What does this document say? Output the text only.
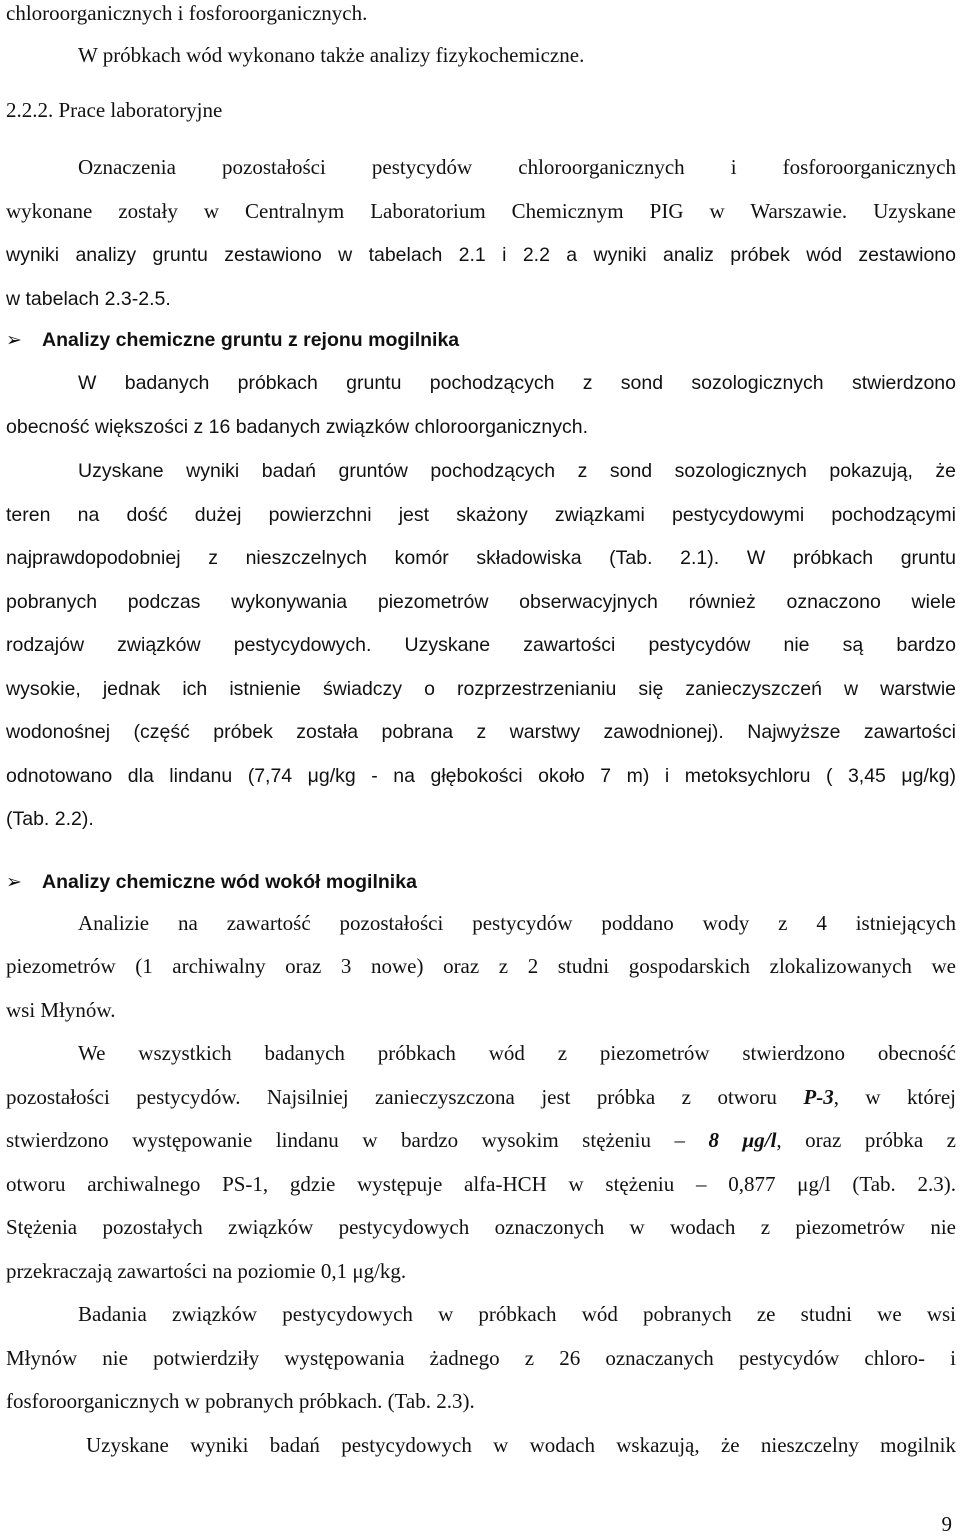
chloroorganicznych i fosforoorganicznych.
W próbkach wód wykonano także analizy fizykochemiczne.
2.2.2. Prace laboratoryjne
Oznaczenia pozostałości pestycydów chloroorganicznych i fosforoorganicznych
wykonane zostały w Centralnym Laboratorium Chemicznym PIG w Warszawie. Uzyskane
wyniki analizy gruntu zestawiono w tabelach 2.1 i 2.2 a wyniki analiz próbek wód zestawiono
w tabelach 2.3-2.5.
➢ Analizy chemiczne gruntu z rejonu mogilnika
W badanych próbkach gruntu pochodzących z sond sozologicznych stwierdzono
obecność większości z 16 badanych związków chloroorganicznych.
Uzyskane wyniki badań gruntów pochodzących z sond sozologicznych pokazują, że
teren na dość dużej powierzchni jest skażony związkami pestycydowymi pochodzącymi
najprawdopodobniej z nieszczelnych komór składowiska (Tab. 2.1). W próbkach gruntu
pobranych podczas wykonywania piezometrów obserwacyjnych również oznaczono wiele
rodzajów związków pestycydowych. Uzyskane zawartości pestycydów nie są bardzo
wysokie, jednak ich istnienie świadczy o rozprzestrzenianiu się zanieczyszczeń w warstwie
wodonośnej (część próbek została pobrana z warstwy zawodnionej). Najwyższe zawartości
odnotowano dla lindanu (7,74 μg/kg - na głębokości około 7 m) i metoksychloru ( 3,45 μg/kg)
(Tab. 2.2).
➢ Analizy chemiczne wód wokół mogilnika
Analizie na zawartość pozostałości pestycydów poddano wody z 4 istniejących
piezometrów (1 archiwalny oraz 3 nowe) oraz z 2 studni gospodarskich zlokalizowanych we
wsi Młynów.
We wszystkich badanych próbkach wód z piezometrów stwierdzono obecność
pozostałości pestycydów. Najsilniej zanieczyszczona jest próbka z otworu P-3, w której
stwierdzono występowanie lindanu w bardzo wysokim stężeniu – 8 μg/l, oraz próbka z
otworu archiwalnego PS-1, gdzie występuje alfa-HCH w stężeniu – 0,877 μg/l (Tab. 2.3).
Stężenia pozostałych związków pestycydowych oznaczonych w wodach z piezometrów nie
przekraczają zawartości na poziomie 0,1 μg/kg.
Badania związków pestycydowych w próbkach wód pobranych ze studni we wsi
Młynów nie potwierdziły występowania żadnego z 26 oznaczanych pestycydów chloro- i
fosforoorganicznych w pobranych próbkach. (Tab. 2.3).
Uzyskane wyniki badań pestycydowych w wodach wskazują, że nieszczelny mogilnik
9
